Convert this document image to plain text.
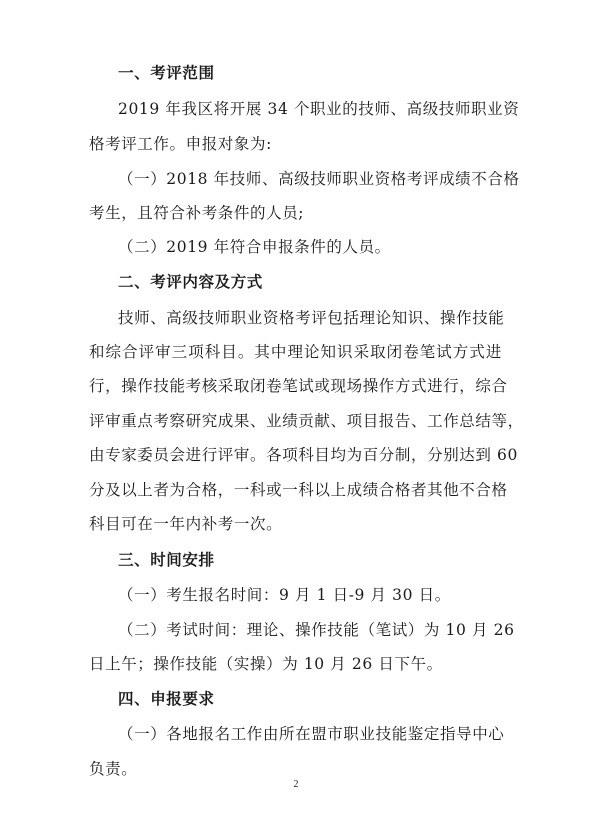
一、考评范围
2019 年我区将开展 34 个职业的技师、高级技师职业资
格考评工作。申报对象为:
（一）2018 年技师、高级技师职业资格考评成绩不合格
考生，且符合补考条件的人员;
（二）2019 年符合申报条件的人员。
二、考评内容及方式
技师、高级技师职业资格考评包括理论知识、操作技能
和综合评审三项科目。其中理论知识采取闭卷笔试方式进
行，操作技能考核采取闭卷笔试或现场操作方式进行，综合
评审重点考察研究成果、业绩贡献、项目报告、工作总结等，
由专家委员会进行评审。各项科目均为百分制，分别达到 60
分及以上者为合格，一科或一科以上成绩合格者其他不合格
科目可在一年内补考一次。
三、时间安排
（一）考生报名时间：9 月 1 日-9 月 30 日。
（二）考试时间：理论、操作技能（笔试）为 10 月 26
日上午；操作技能（实操）为 10 月 26 日下午。
四、申报要求
（一）各地报名工作由所在盟市职业技能鉴定指导中心
负责。
2
